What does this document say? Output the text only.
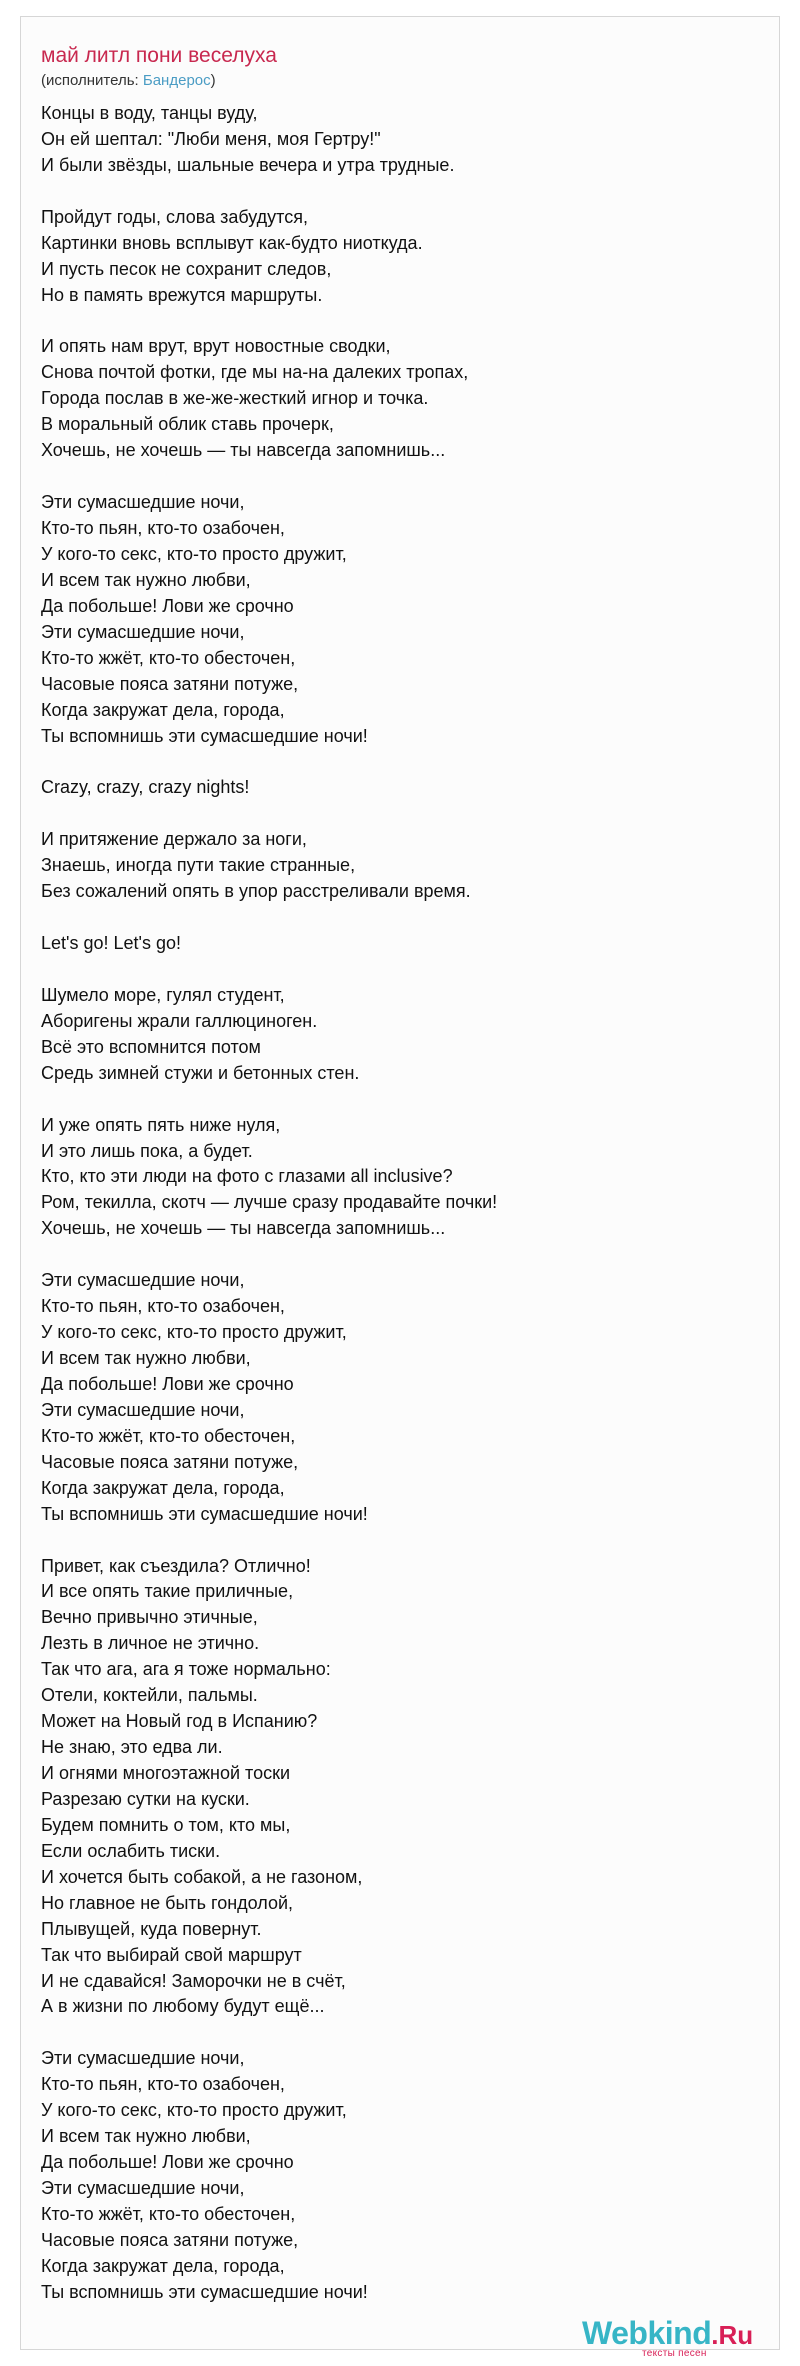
май литл пони веселуха
(исполнитель: Бандерос)
Концы в воду, танцы вуду,
Он ей шептал: "Люби меня, моя Гертру!"
И были звёзды, шальные вечера и утра трудные.
Пройдут годы, слова забудутся,
Картинки вновь всплывут как-будто ниоткуда.
И пусть песок не сохранит следов,
Но в память врежутся маршруты.
И опять нам врут, врут новостные сводки,
Снова почтой фотки, где мы на-на далеких тропах,
Города послав в же-же-жесткий игнор и точка.
В моральный облик ставь прочерк,
Хочешь, не хочешь — ты навсегда запомнишь...
Эти сумасшедшие ночи,
Кто-то пьян, кто-то озабочен,
У кого-то секс, кто-то просто дружит,
И всем так нужно любви,
Да побольше! Лови же срочно
Эти сумасшедшие ночи,
Кто-то жжёт, кто-то обесточен,
Часовые пояса затяни потуже,
Когда закружат дела, города,
Ты вспомнишь эти сумасшедшие ночи!
Crazy, crazy, crazy nights!
И притяжение держало за ноги,
Знаешь, иногда пути такие странные,
Без сожалений опять в упор расстреливали время.
Let's go! Let's go!
Шумело море, гулял студент,
Аборигены жрали галлюциноген.
Всё это вспомнится потом
Средь зимней стужи и бетонных стен.
И уже опять пять ниже нуля,
И это лишь пока, а будет.
Кто, кто эти люди на фото с глазами all inclusive?
Ром, текилла, скотч — лучше сразу продавайте почки!
Хочешь, не хочешь — ты навсегда запомнишь...
Эти сумасшедшие ночи,
Кто-то пьян, кто-то озабочен,
У кого-то секс, кто-то просто дружит,
И всем так нужно любви,
Да побольше! Лови же срочно
Эти сумасшедшие ночи,
Кто-то жжёт, кто-то обесточен,
Часовые пояса затяни потуже,
Когда закружат дела, города,
Ты вспомнишь эти сумасшедшие ночи!
Привет, как съездила? Отлично!
И все опять такие приличные,
Вечно привычно этичные,
Лезть в личное не этично.
Так что ага, ага я тоже нормально:
Отели, коктейли, пальмы.
Может на Новый год в Испанию?
Не знаю, это едва ли.
И огнями многоэтажной тоски
Разрезаю сутки на куски.
Будем помнить о том, кто мы,
Если ослабить тиски.
И хочется быть собакой, а не газоном,
Но главное не быть гондолой,
Плывущей, куда повернут.
Так что выбирай свой маршрут
И не сдавайся! Заморочки не в счёт,
А в жизни по любому будут ещё...
Эти сумасшедшие ночи,
Кто-то пьян, кто-то озабочен,
У кого-то секс, кто-то просто дружит,
И всем так нужно любви,
Да побольше! Лови же срочно
Эти сумасшедшие ночи,
Кто-то жжёт, кто-то обесточен,
Часовые пояса затяни потуже,
Когда закружат дела, города,
Ты вспомнишь эти сумасшедшие ночи!
Webkind.Ru
тексты песен
